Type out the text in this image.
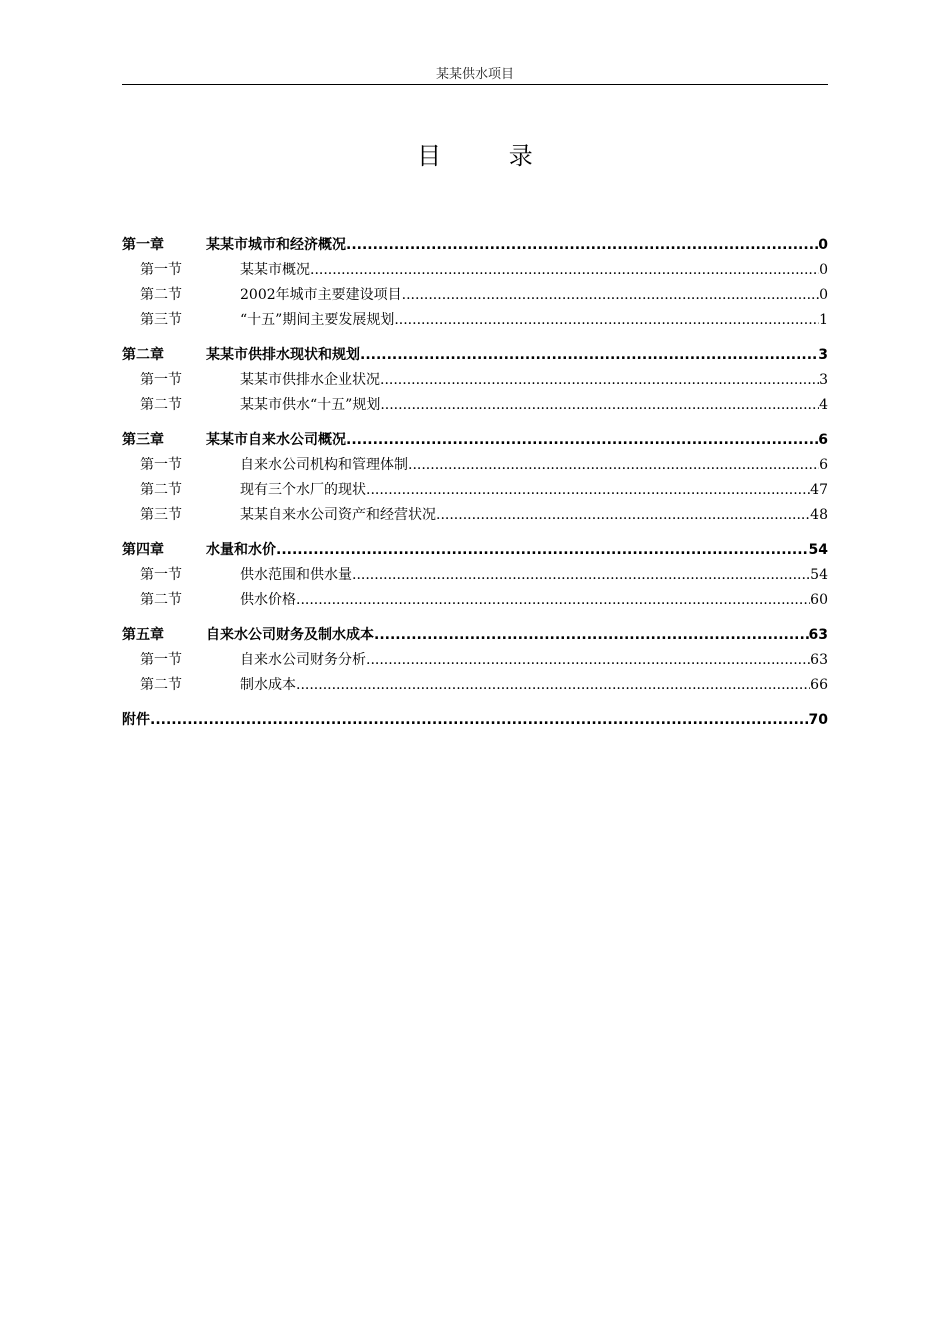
某某供水项目
目 录
第一章	某某市城市和经济概况 .....	0
第一节	某某市概况 .....	0
第二节	2002年城市主要建设项目 .....	0
第三节	“十五”期间主要发展规划 .....	1
第二章	某某市供排水现状和规划 .....	3
第一节	某某市供排水企业状况 .....	3
第二节	某某市供水“十五”规划 .....	4
第三章	某某市自来水公司概况 .....	6
第一节	自来水公司机构和管理体制 .....	6
第二节	现有三个水厂的现状 .....	47
第三节	某某自来水公司资产和经营状况 .....	48
第四章	水量和水价 .....	54
第一节	供水范围和供水量 .....	54
第二节	供水价格 .....	60
第五章	自来水公司财务及制水成本 .....	63
第一节	自来水公司财务分析 .....	63
第二节	制水成本 .....	66
附件 .....	70
